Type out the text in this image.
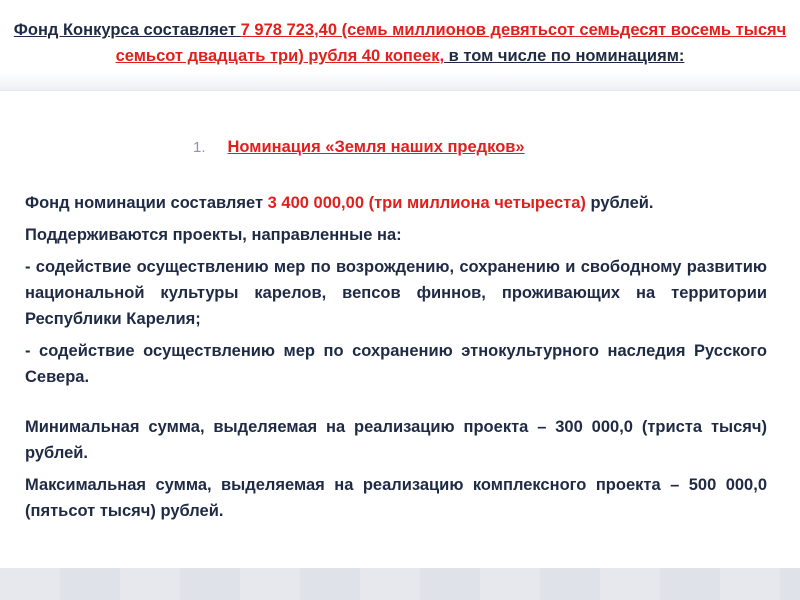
Фонд Конкурса составляет 7 978 723,40 (семь миллионов девятьсот семьдесят восемь тысяч семьсот двадцать три) рубля 40 копеек, в том числе по номинациям:
1. Номинация «Земля наших предков»

Фонд номинации составляет 3 400 000,00 (три миллиона четыреста) рублей.

Поддерживаются проекты, направленные на:

- содействие осуществлению мер по возрождению, сохранению и свободному развитию национальной культуры карелов, вепсов финнов, проживающих на территории Республики Карелия;

- содействие осуществлению мер по сохранению этнокультурного наследия Русского Севера.

Минимальная сумма, выделяемая на реализацию проекта – 300 000,0 (триста тысяч) рублей.

Максимальная сумма, выделяемая на реализацию комплексного проекта – 500 000,0 (пятьсот тысяч) рублей.
